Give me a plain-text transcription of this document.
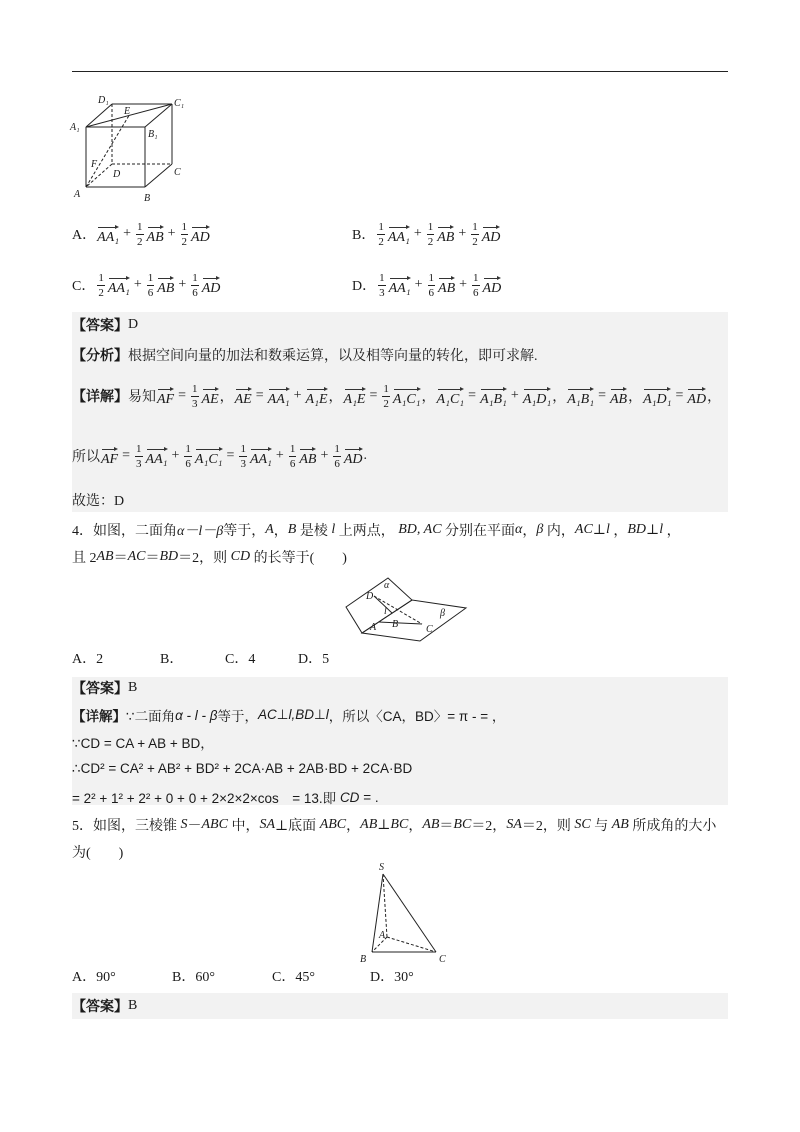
D₁	C₁
A₁
E
B₁
F
D	C
A	B
A． $AA_1 + \frac{1}{2}$ AB + $\frac{1}{2}$ AD	B． $\frac{1}{2} AA_1 + \frac{1}{2}$ AB + $\frac{1}{2}$ AD
C． $\frac{1}{2} AA_1 + \frac{1}{6}$ AB + $\frac{1}{6}$ AD	D． $\frac{1}{3} AA_1 + \frac{1}{6}$ AB + $\frac{1}{6}$ AD
【答案】 D
【分析】 根据空间向量的加法和数乘运算，以及相等向量的转化，即可求解.
【详解】 易知 AF = $\frac{1}{3}$ AE ， AE = AA₁ + A₁E ， $A_1E = \frac{1}{2} A_1C_1$ ， A₁C₁ = A₁B₁ + A₁D₁ ， A₁B₁ = AB ， A₁D₁ = AD ，
所以 AF = $\frac{1}{3} AA_1 + \frac{1}{6} A_1C_1 = \frac{1}{3} AA_1 + \frac{1}{6}$ AB + $\frac{1}{6}$ AD .
故选：D
4．如图，二面角 α－l－β 等于， A ， B 是棱 l 上两点， BD, AC 分别在平面 α ， β 内， AC ⊥ l ， BD ⊥ l ，
且 2 AB ＝ AC ＝ BD ＝2，则 CD 的长等于(　　)
α
D
β
A
l
B	C
A．2	B．	C．4	D．5
【答案】 B
【详解】 ∵二面角 α - l - β 等于， AC⊥l,BD⊥l ，所以〈CA，BD〉= π - = ，
∵CD = CA + AB + BD，
∴CD² = CA² + AB² + BD² + 2CA·AB + 2AB·BD + 2CA·BD
= 2² + 1² + 2² + 0 + 0 + 2×2×2×cos　= 13.即 CD = .
5．如图，三棱锥 S － ABC 中， SA ⊥底面 ABC ， AB ⊥ BC ， AB ＝ BC ＝2， SA ＝2，则 SC 与 AB 所成角的大小
为(　　)
S
A
B	C
A．90°	B．60°	C．45°	D．30°
【答案】 B
